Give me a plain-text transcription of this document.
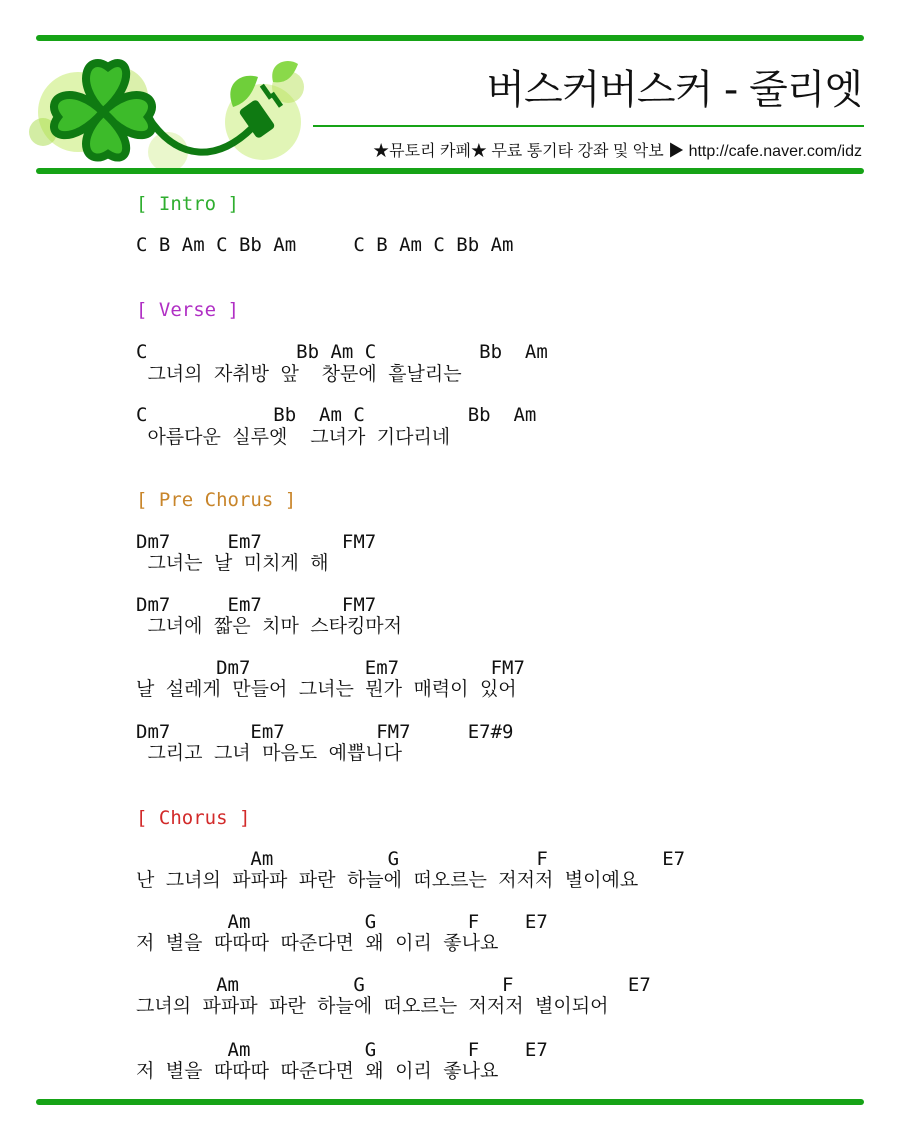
버스커버스커 - 줄리엣
★뮤토리 카페★ 무료 통기타 강좌 및 악보 ▶ http://cafe.naver.com/idz
[ Intro ]
C B Am C Bb Am     C B Am C Bb Am
[ Verse ]
C             Bb Am C         Bb  Am
그녀의 자취방 앞  창문에 흩날리는
C           Bb  Am C         Bb  Am
아름다운 실루엣  그녀가 기다리네
[ Pre Chorus ]
Dm7     Em7       FM7
그녀는 날 미치게 해
Dm7     Em7       FM7
그녀에 짧은 치마 스타킹마저
Dm7          Em7        FM7
날 설레게 만들어 그녀는 뭔가 매력이 있어
Dm7       Em7        FM7     E7#9
그리고 그녀 마음도 예쁩니다
[ Chorus ]
Am          G            F          E7
난 그녀의 파파파 파란 하늘에 떠오르는 저저저 별이예요
Am          G        F    E7
저 별을 따따따 따준다면 왜 이리 좋나요
Am          G            F          E7
그녀의 파파파 파란 하늘에 떠오르는 저저저 별이되어
Am          G        F    E7
저 별을 따따따 따준다면 왜 이리 좋나요
